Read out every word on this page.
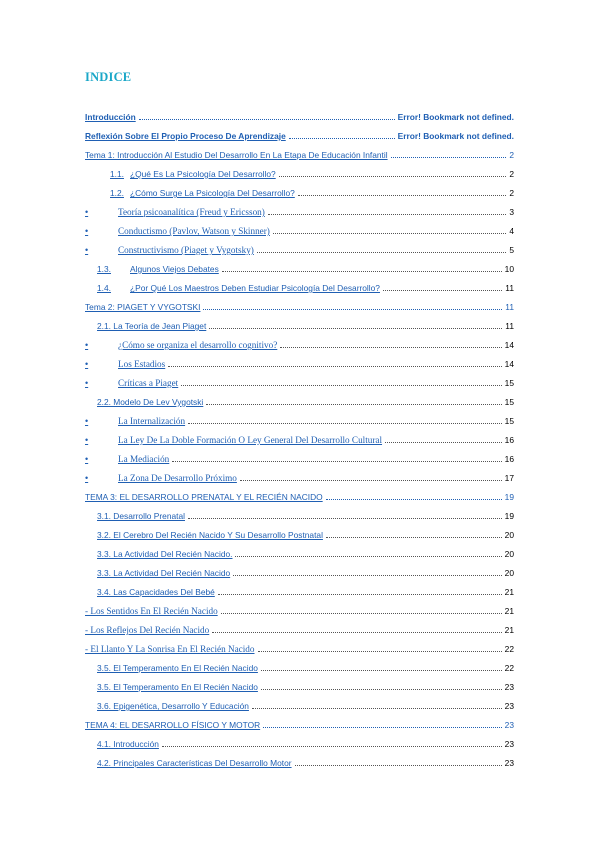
INDICE
Introducción	Error! Bookmark not defined.
Reflexión Sobre El Propio Proceso De Aprendizaje	Error! Bookmark not defined.
Tema 1: Introducción Al Estudio Del Desarrollo En La Etapa De Educación Infantil	2
1.1. ¿Qué Es La Psicología Del Desarrollo?	2
1.2. ¿Cómo Surge La Psicología Del Desarrollo?	2
•	Teoría psicoanalítica (Freud y Ericsson)	3
•	Conductismo (Pavlov, Watson y Skinner)	4
•	Constructivismo (Piaget y Vygotsky)	5
1.3. Algunos Viejos Debates	10
1.4. ¿Por Qué Los Maestros Deben Estudiar Psicología Del Desarrollo?	11
Tema 2: PIAGET Y VYGOTSKI	11
2.1. La Teoría de Jean Piaget	11
•	¿Cómo se organiza el desarrollo cognitivo?	14
•	Los Estadios	14
•	Críticas a Piaget	15
2.2. Modelo De Lev Vygotski	15
•	La Internalización	15
•	La Ley De La Doble Formación O Ley General Del Desarrollo Cultural	16
•	La Mediación	16
•	La Zona De Desarrollo Próximo	17
TEMA 3: EL DESARROLLO PRENATAL Y EL RECIÉN NACIDO	19
3.1. Desarrollo Prenatal	19
3.2. El Cerebro Del Recién Nacido Y Su Desarrollo Postnatal	20
3.3. La Actividad Del Recién Nacido.	20
3.3. La Actividad Del Recién Nacido	20
3.4. Las Capacidades Del Bebé	21
- Los Sentidos En El Recién Nacido	21
- Los Reflejos Del Recién Nacido	21
- El Llanto Y La Sonrisa En El Recién Nacido	22
3.5. El Temperamento En El Recién Nacido	22
3.5. El Temperamento En El Recién Nacido	23
3.6. Epigenética, Desarrollo Y Educación	23
TEMA 4: EL DESARROLLO FÍSICO Y MOTOR	23
4.1. Introducción	23
4.2. Principales Características Del Desarrollo Motor	23
